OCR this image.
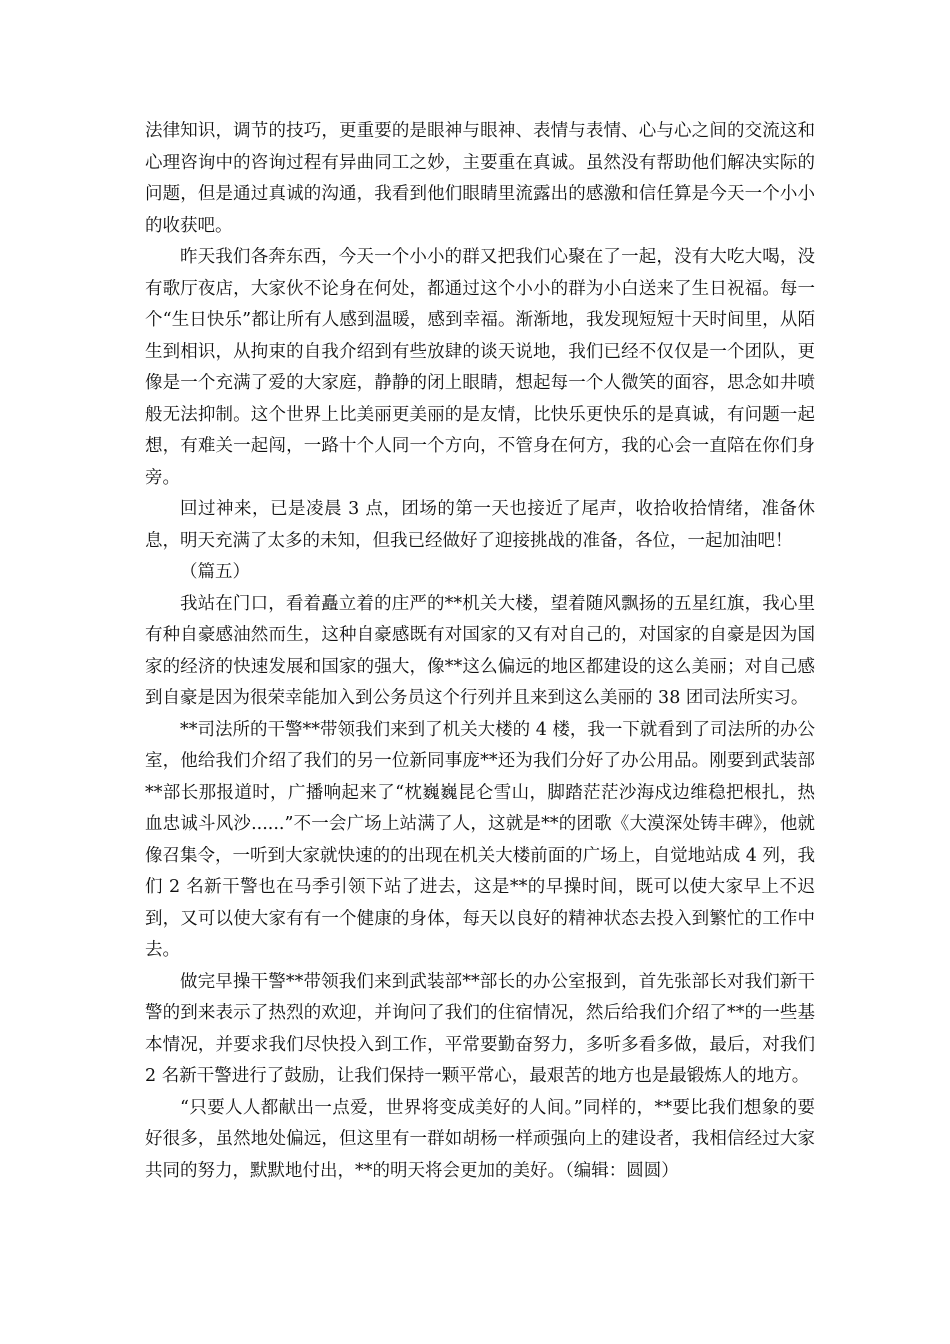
法律知识，调节的技巧，更重要的是眼神与眼神、表情与表情、心与心之间的交流这和心理咨询中的咨询过程有异曲同工之妙，主要重在真诚。虽然没有帮助他们解决实际的问题，但是通过真诚的沟通，我看到他们眼睛里流露出的感激和信任算是今天一个小小的收获吧。

昨天我们各奔东西，今天一个小小的群又把我们心聚在了一起，没有大吃大喝，没有歌厅夜店，大家伙不论身在何处，都通过这个小小的群为小白送来了生日祝福。每一个“生日快乐”都让所有人感到温暖，感到幸福。渐渐地，我发现短短十天时间里，从陌生到相识，从拘束的自我介绍到有些放肆的谈天说地，我们已经不仅仅是一个团队，更像是一个充满了爱的大家庭，静静的闭上眼睛，想起每一个人微笑的面容，思念如井喷般无法抑制。这个世界上比美丽更美丽的是友情，比快乐更快乐的是真诚，有问题一起想，有难关一起闯，一路十个人同一个方向，不管身在何方，我的心会一直陪在你们身旁。

回过神来，已是凌晨 3 点，团场的第一天也接近了尾声，收拾收拾情绪，准备休息，明天充满了太多的未知，但我已经做好了迎接挑战的准备，各位，一起加油吧！

（篇五）

我站在门口，看着矗立着的庄严的**机关大楼，望着随风飘扬的五星红旗，我心里有种自豪感油然而生，这种自豪感既有对国家的又有对自己的，对国家的自豪是因为国家的经济的快速发展和国家的强大，像**这么偏远的地区都建设的这么美丽；对自己感到自豪是因为很荣幸能加入到公务员这个行列并且来到这么美丽的 38 团司法所实习。

**司法所的干警**带领我们来到了机关大楼的 4 楼，我一下就看到了司法所的办公室，他给我们介绍了我们的另一位新同事庞**还为我们分好了办公用品。刚要到武装部**部长那报道时，广播响起来了“枕巍巍昆仑雪山，脚踏茫茫沙海戍边维稳把根扎，热血忠诚斗风沙......”不一会广场上站满了人，这就是**的团歌《大漠深处铸丰碑》，他就像召集令，一听到大家就快速的的出现在机关大楼前面的广场上，自觉地站成 4 列，我们 2 名新干警也在马季引领下站了进去，这是**的早操时间，既可以使大家早上不迟到，又可以使大家有有一个健康的身体，每天以良好的精神状态去投入到繁忙的工作中去。

做完早操干警**带领我们来到武装部**部长的办公室报到，首先张部长对我们新干警的到来表示了热烈的欢迎，并询问了我们的住宿情况，然后给我们介绍了**的一些基本情况，并要求我们尽快投入到工作，平常要勤奋努力，多听多看多做，最后，对我们 2 名新干警进行了鼓励，让我们保持一颗平常心，最艰苦的地方也是最锻炼人的地方。

“只要人人都献出一点爱，世界将变成美好的人间。”同样的，**要比我们想象的要好很多，虽然地处偏远，但这里有一群如胡杨一样顽强向上的建设者，我相信经过大家共同的努力，默默地付出，**的明天将会更加的美好。（编辑：圆圆）
